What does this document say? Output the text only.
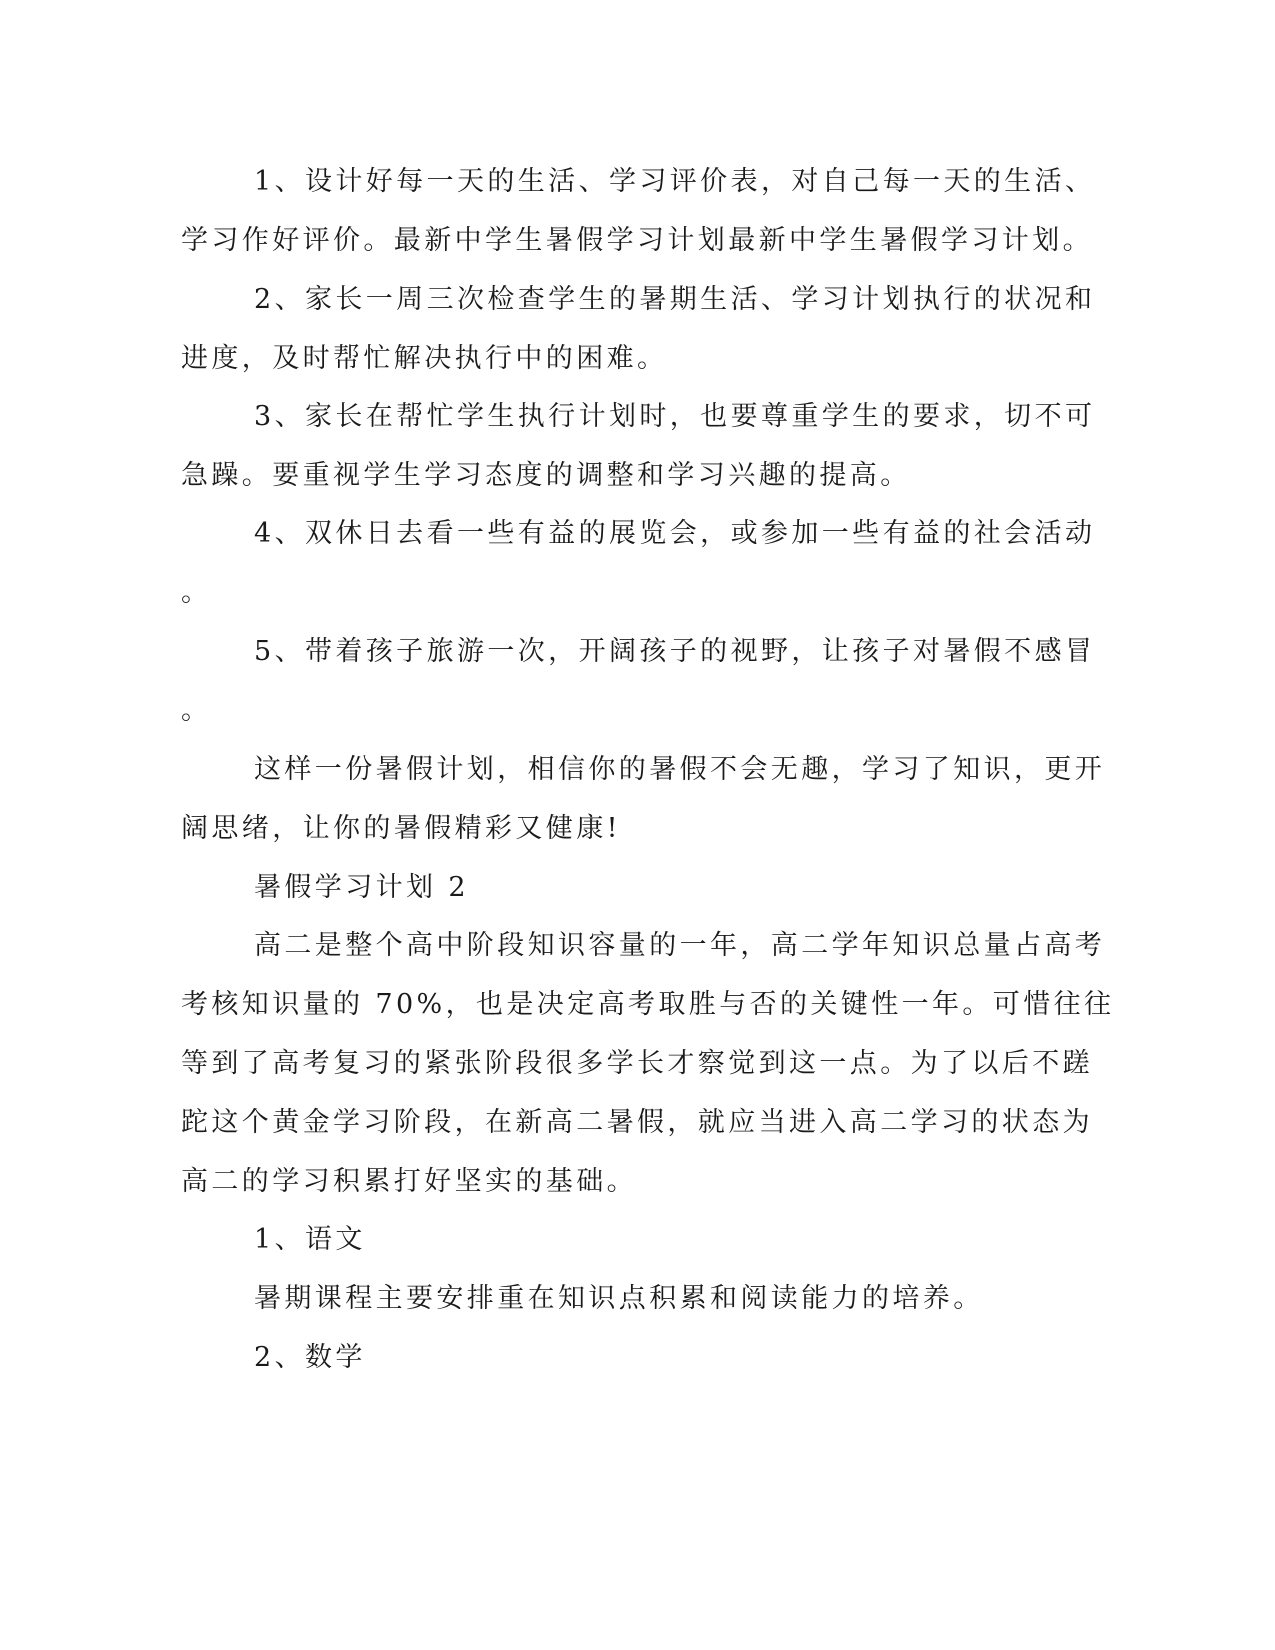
1、设计好每一天的生活、学习评价表，对自己每一天的生活、
学习作好评价。最新中学生暑假学习计划最新中学生暑假学习计划。
2、家长一周三次检查学生的暑期生活、学习计划执行的状况和
进度，及时帮忙解决执行中的困难。
3、家长在帮忙学生执行计划时，也要尊重学生的要求，切不可
急躁。要重视学生学习态度的调整和学习兴趣的提高。
4、双休日去看一些有益的展览会，或参加一些有益的社会活动
。
5、带着孩子旅游一次，开阔孩子的视野，让孩子对暑假不感冒
。
这样一份暑假计划，相信你的暑假不会无趣，学习了知识，更开
阔思绪，让你的暑假精彩又健康!
暑假学习计划 2
高二是整个高中阶段知识容量的一年，高二学年知识总量占高考
考核知识量的 70%，也是决定高考取胜与否的关键性一年。可惜往往
等到了高考复习的紧张阶段很多学长才察觉到这一点。为了以后不蹉
跎这个黄金学习阶段，在新高二暑假，就应当进入高二学习的状态为
高二的学习积累打好坚实的基础。
1、语文
暑期课程主要安排重在知识点积累和阅读能力的培养。
2、数学
